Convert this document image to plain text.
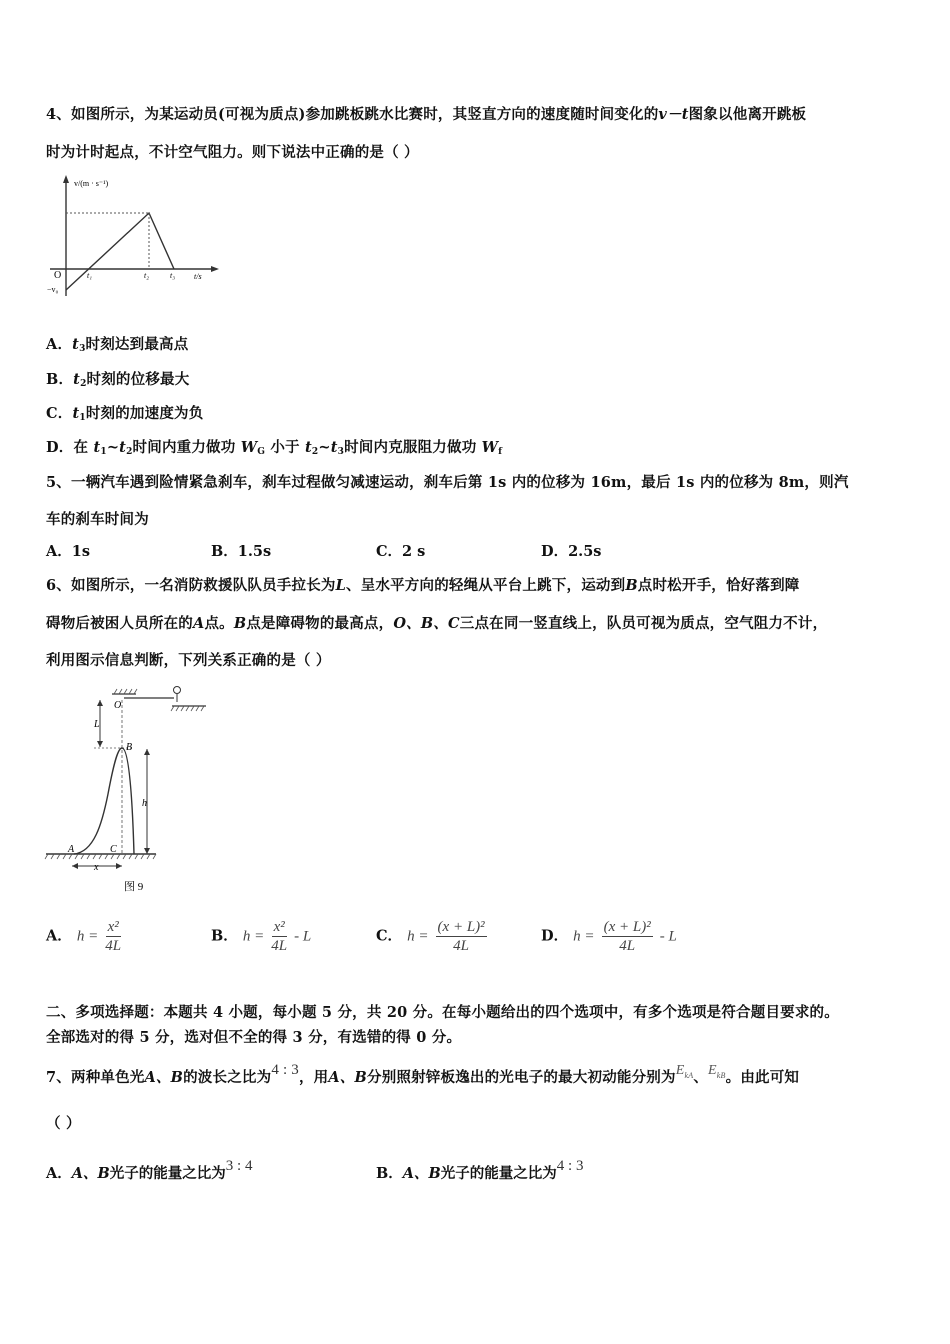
4、如图所示，为某运动员(可视为质点)参加跳板跳水比赛时，其竖直方向的速度随时间变化的v－t图象以他离开跳板
时为计时起点，不计空气阻力。则下说法中正确的是（ ）
v/(m · s⁻¹)
t/s
O
−v₀
t₁	t₂	t₃
A．$t_3$时刻达到最高点
B．$t_2$时刻的位移最大
C．$t_1$时刻的加速度为负
D．在 $t_1\sim t_2$时间内重力做功 $W_G$ 小于 $t_2\sim t_3$时间内克服阻力做功 $W_f$
5、一辆汽车遇到险情紧急刹车，刹车过程做匀减速运动，刹车后第 1s 内的位移为 16m，最后 1s 内的位移为 8m，则汽
车的刹车时间为
A．1s	B．1.5s	C．2 s	D．2.5s
6、如图所示，一名消防救援队队员手拉长为L、呈水平方向的轻绳从平台上跳下，运动到B点时松开手，恰好落到障
碍物后被困人员所在的A点。B点是障碍物的最高点，O、B、C三点在同一竖直线上，队员可视为质点，空气阻力不计，
利用图示信息判断，下列关系正确的是（ ）
O
L
B
h
A	C
x
图 9
A． $h = \frac{\text{x²}}{4L}$	B． $h = \frac{\text{x²}}{4L} - L$	C． $h = \frac{\text{(x + L)²}}{4L}$	D． $h = \frac{\text{(x + L)²}}{4L} - L$
二、多项选择题：本题共 4 小题，每小题 5 分，共 20 分。在每小题给出的四个选项中，有多个选项是符合题目要求的。
全部选对的得 5 分，选对但不全的得 3 分，有选错的得 0 分。
7、两种单色光A、B的波长之比为4 : 3，用A、B分别照射锌板逸出的光电子的最大初动能分别为$E_{kA}$、$E_{kB}$。由此可知
（ ）
A．A、B光子的能量之比为3 : 4	B．A、B光子的能量之比为4 : 3
